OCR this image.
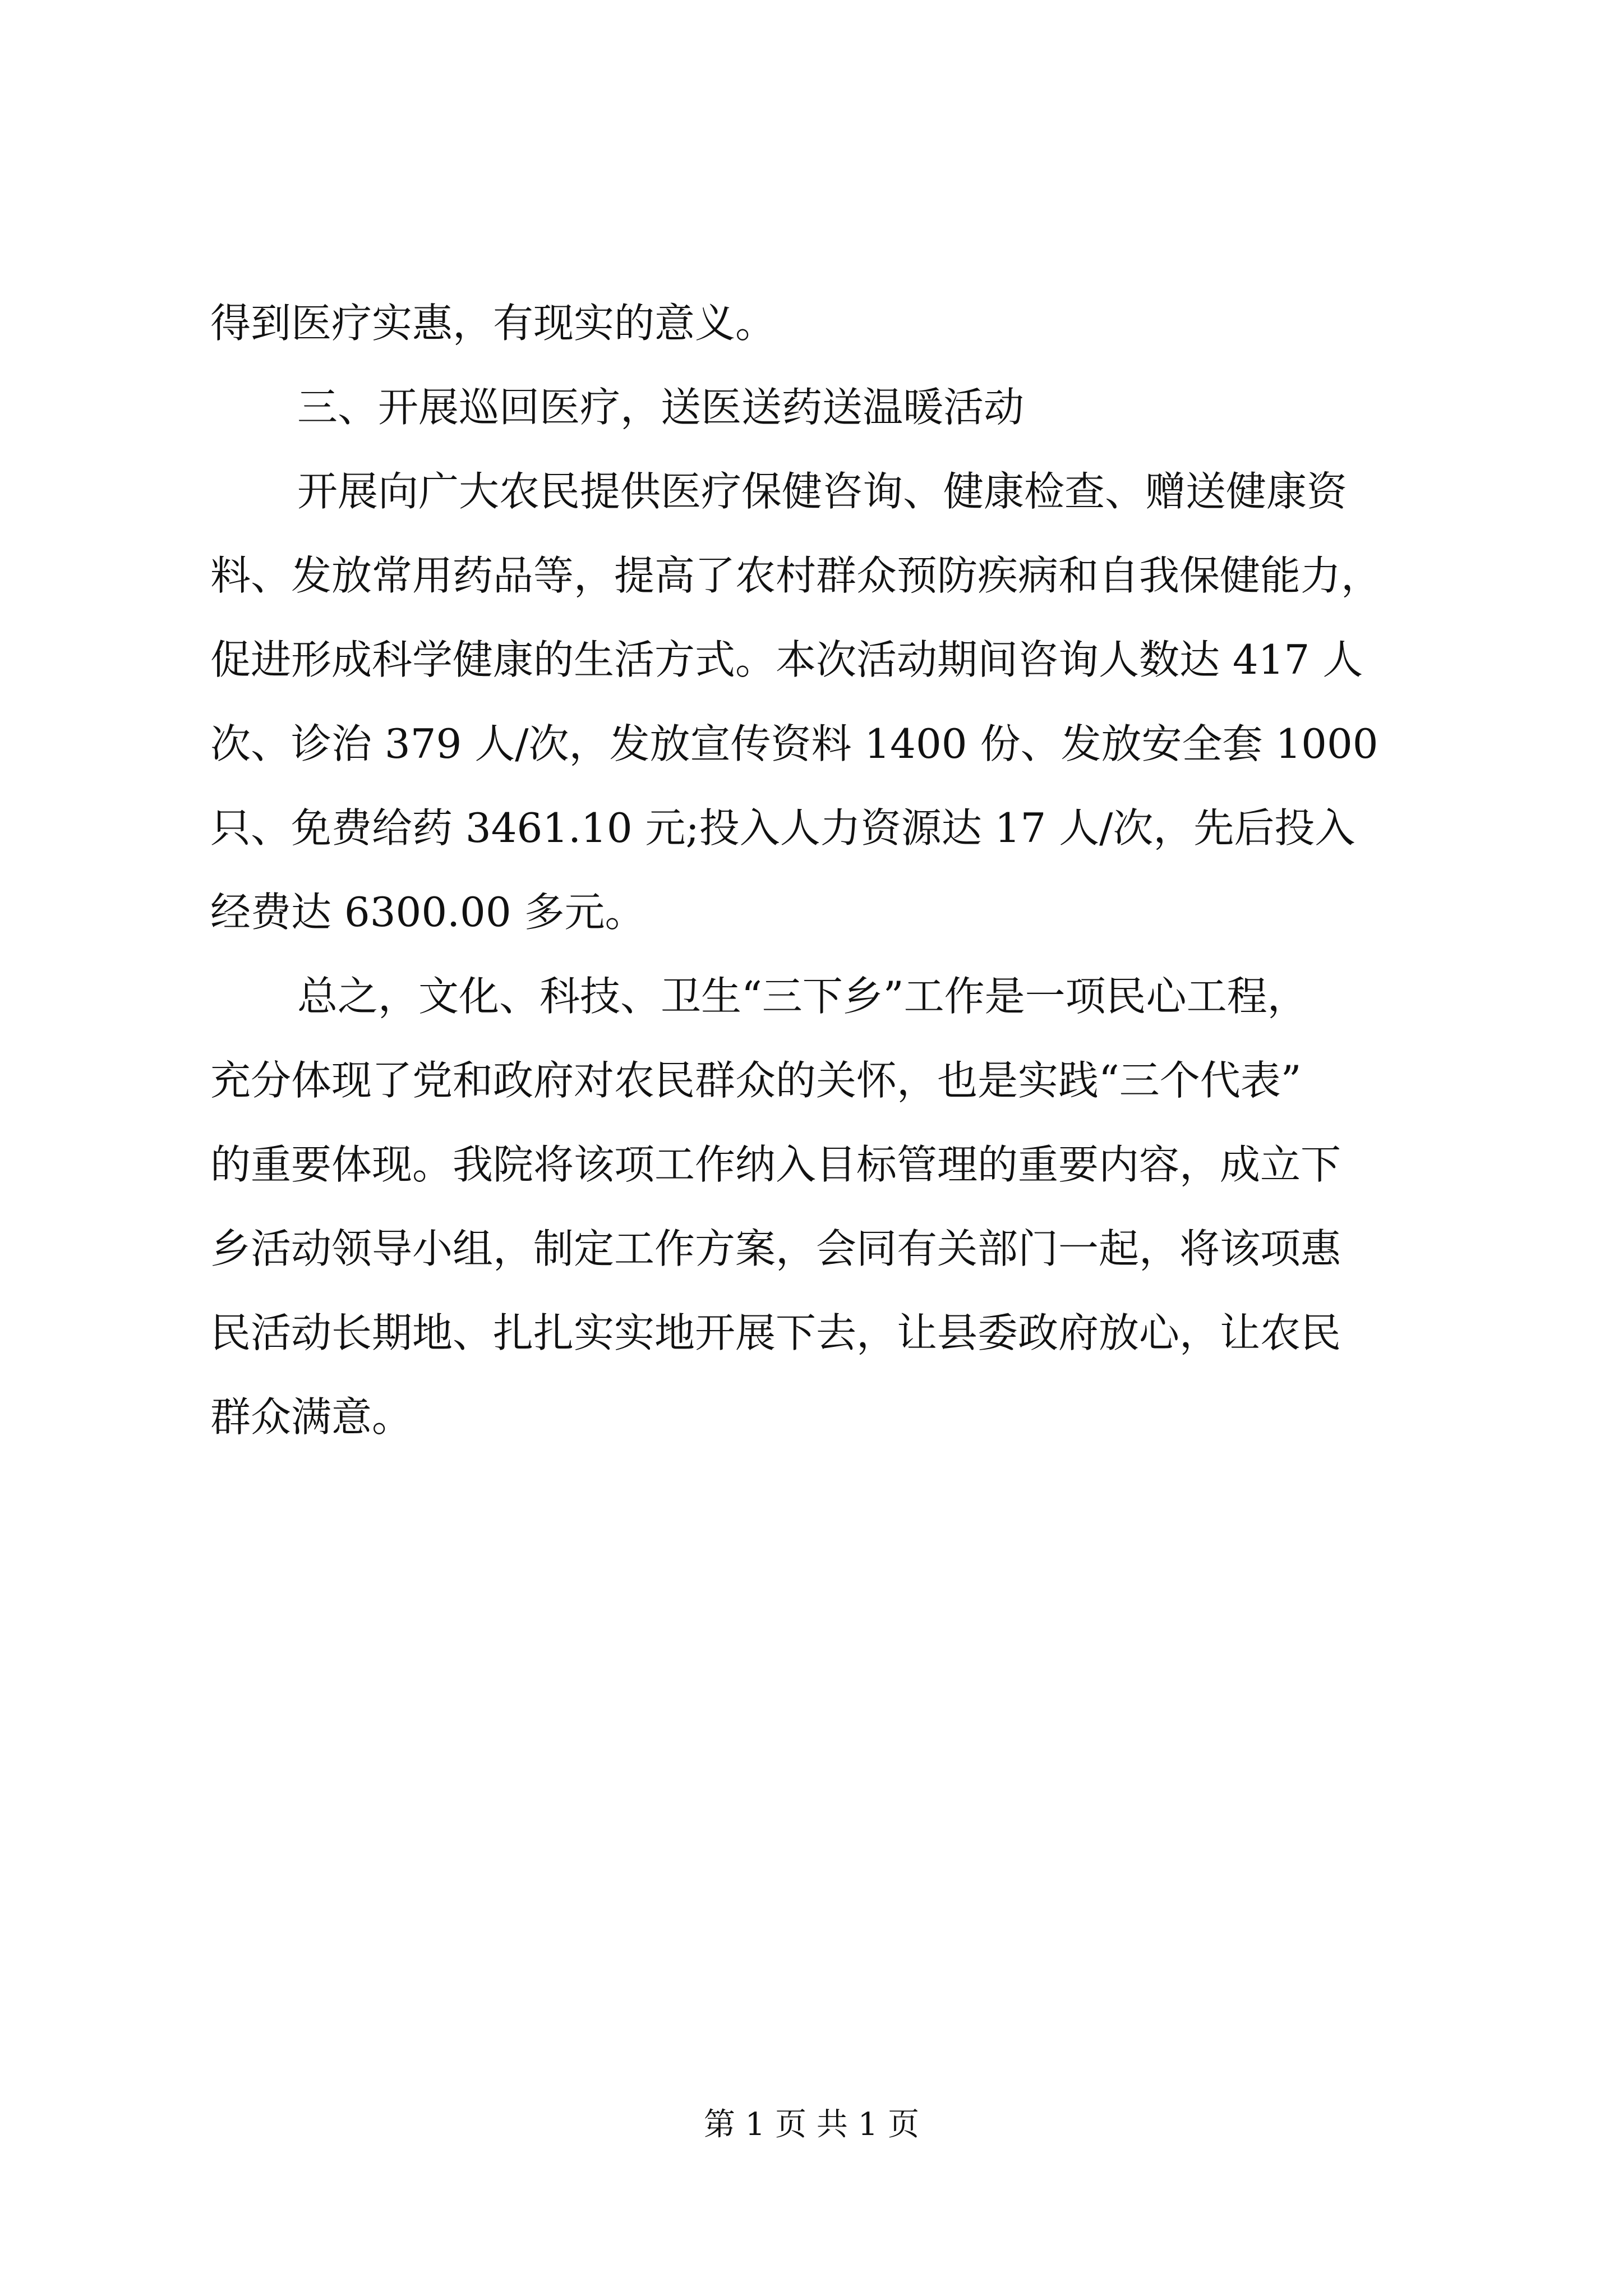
得到医疗实惠，有现实的意义。
三、开展巡回医疗，送医送药送温暖活动
开展向广大农民提供医疗保健咨询、健康检查、赠送健康资
料、发放常用药品等，提高了农村群众预防疾病和自我保健能力，
促进形成科学健康的生活方式。本次活动期间咨询人数达 417 人
次、诊治 379 人/次，发放宣传资料 1400 份、发放安全套 1000
只、免费给药 3461.10 元;投入人力资源达 17 人/次，先后投入
经费达 6300.00 多元。
总之，文化、科技、卫生“三下乡”工作是一项民心工程，
充分体现了党和政府对农民群众的关怀，也是实践“三个代表”
的重要体现。我院将该项工作纳入目标管理的重要内容，成立下
乡活动领导小组，制定工作方案，会同有关部门一起，将该项惠
民活动长期地、扎扎实实地开展下去，让县委政府放心，让农民
群众满意。
第 1 页 共 1 页
